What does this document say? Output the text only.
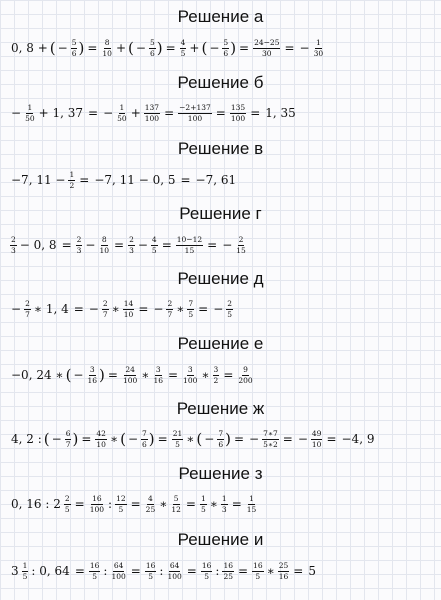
Решение а
0, 8 + ( − $\frac{5}{6}$ ) = $\frac{8}{10}$ + ( − $\frac{5}{6}$ ) = $\frac{4}{5}$ + ( − $\frac{5}{6}$ ) = $\frac{24-25}{30}$ = − $\frac{1}{30}$
Решение б
− $\frac{1}{50} + 1$, 37 = − $\frac{1}{50} + \frac{137}{100} = \frac{-2+137}{100} = \frac{135}{100} = 1$, 35
Решение в
−7, $11 - \frac{1}{2} = -7$, 11 − 0, 5 = −7, 61
Решение г
$\frac{2}{3} - 0$, $8 = \frac{2}{3} - \frac{8}{10} = \frac{2}{3} - \frac{4}{5} = \frac{10-12}{15}$ = − $\frac{2}{15}$
Решение д
− $\frac{2}{7}$ ∗ 1, 4 = − $\frac{2}{7}$ ∗ $\frac{14}{10}$ = − $\frac{2}{7}$ ∗ $\frac{7}{5}$ = − $\frac{2}{5}$
Решение е
−0, 24 ∗ ( − $\frac{3}{16}$ ) = $\frac{24}{100}$ ∗ $\frac{3}{16} = \frac{3}{100}$ ∗ $\frac{3}{2} = \frac{9}{200}$
Решение ж
4, 2 : ( − $\frac{6}{7}$ ) = $\frac{42}{10}$ ∗ ( − $\frac{7}{6}$ ) = $\frac{21}{5}$ ∗ ( − $\frac{7}{6}$ ) = − $\frac{7∗7}{5∗2}$ = − $\frac{49}{10} = -4$, 9
Решение з
0, 16 : $2 \frac{2}{5} = \frac{16}{100}$ : $\frac{12}{5} = \frac{4}{25}$ ∗ $\frac{5}{12} = \frac{1}{5}$ ∗ $\frac{1}{3} = \frac{1}{15}$
Решение и
$3 \frac{1}{5}$ : 0, $64 = \frac{16}{5}$ : $\frac{64}{100} = \frac{16}{5}$ : $\frac{64}{100} = \frac{16}{5}$ : $\frac{16}{25} = \frac{16}{5}$ ∗ $\frac{25}{16} = 5$
